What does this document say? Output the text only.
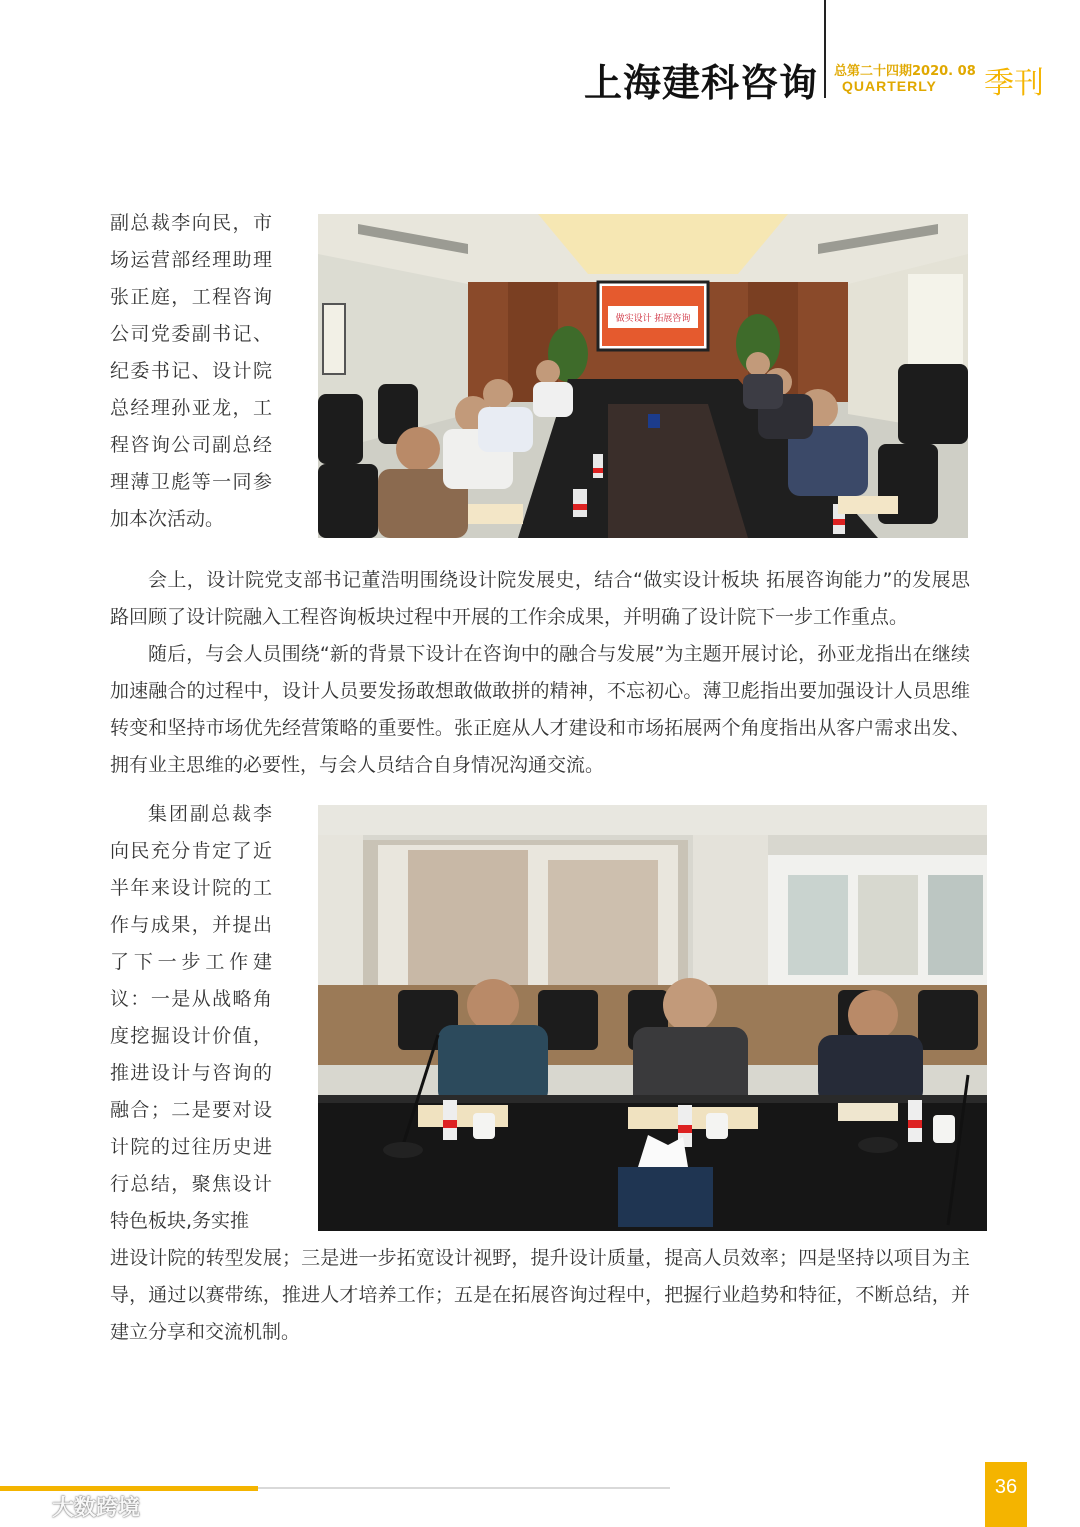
上海建科咨询 总第二十四期2020. 08
QUARTERLY 季刊

副总裁李向民，市场运营部经理助理张正庭，工程咨询公司党委副书记、纪委书记、设计院总经理孙亚龙，工程咨询公司副总经理薄卫彪等一同参加本次活动。

做实设计 拓展咨询

会上，设计院党支部书记董浩明围绕设计院发展史，结合“做实设计板块 拓展咨询能力”的发展思路回顾了设计院融入工程咨询板块过程中开展的工作余成果，并明确了设计院下一步工作重点。

随后，与会人员围绕“新的背景下设计在咨询中的融合与发展”为主题开展讨论，孙亚龙指出在继续加速融合的过程中，设计人员要发扬敢想敢做敢拼的精神，不忘初心。薄卫彪指出要加强设计人员思维转变和坚持市场优先经营策略的重要性。张正庭从人才建设和市场拓展两个角度指出从客户需求出发、拥有业主思维的必要性，与会人员结合自身情况沟通交流。

集团副总裁李向民充分肯定了近半年来设计院的工作与成果，并提出了下一步工作建议：一是从战略角度挖掘设计价值，推进设计与咨询的融合；二是要对设计院的过往历史进行总结，聚焦设计特色板块,务实推

进设计院的转型发展；三是进一步拓宽设计视野，提升设计质量，提高人员效率；四是坚持以项目为主导，通过以赛带练，推进人才培养工作；五是在拓展咨询过程中，把握行业趋势和特征，不断总结，并建立分享和交流机制。

36
大数跨境
